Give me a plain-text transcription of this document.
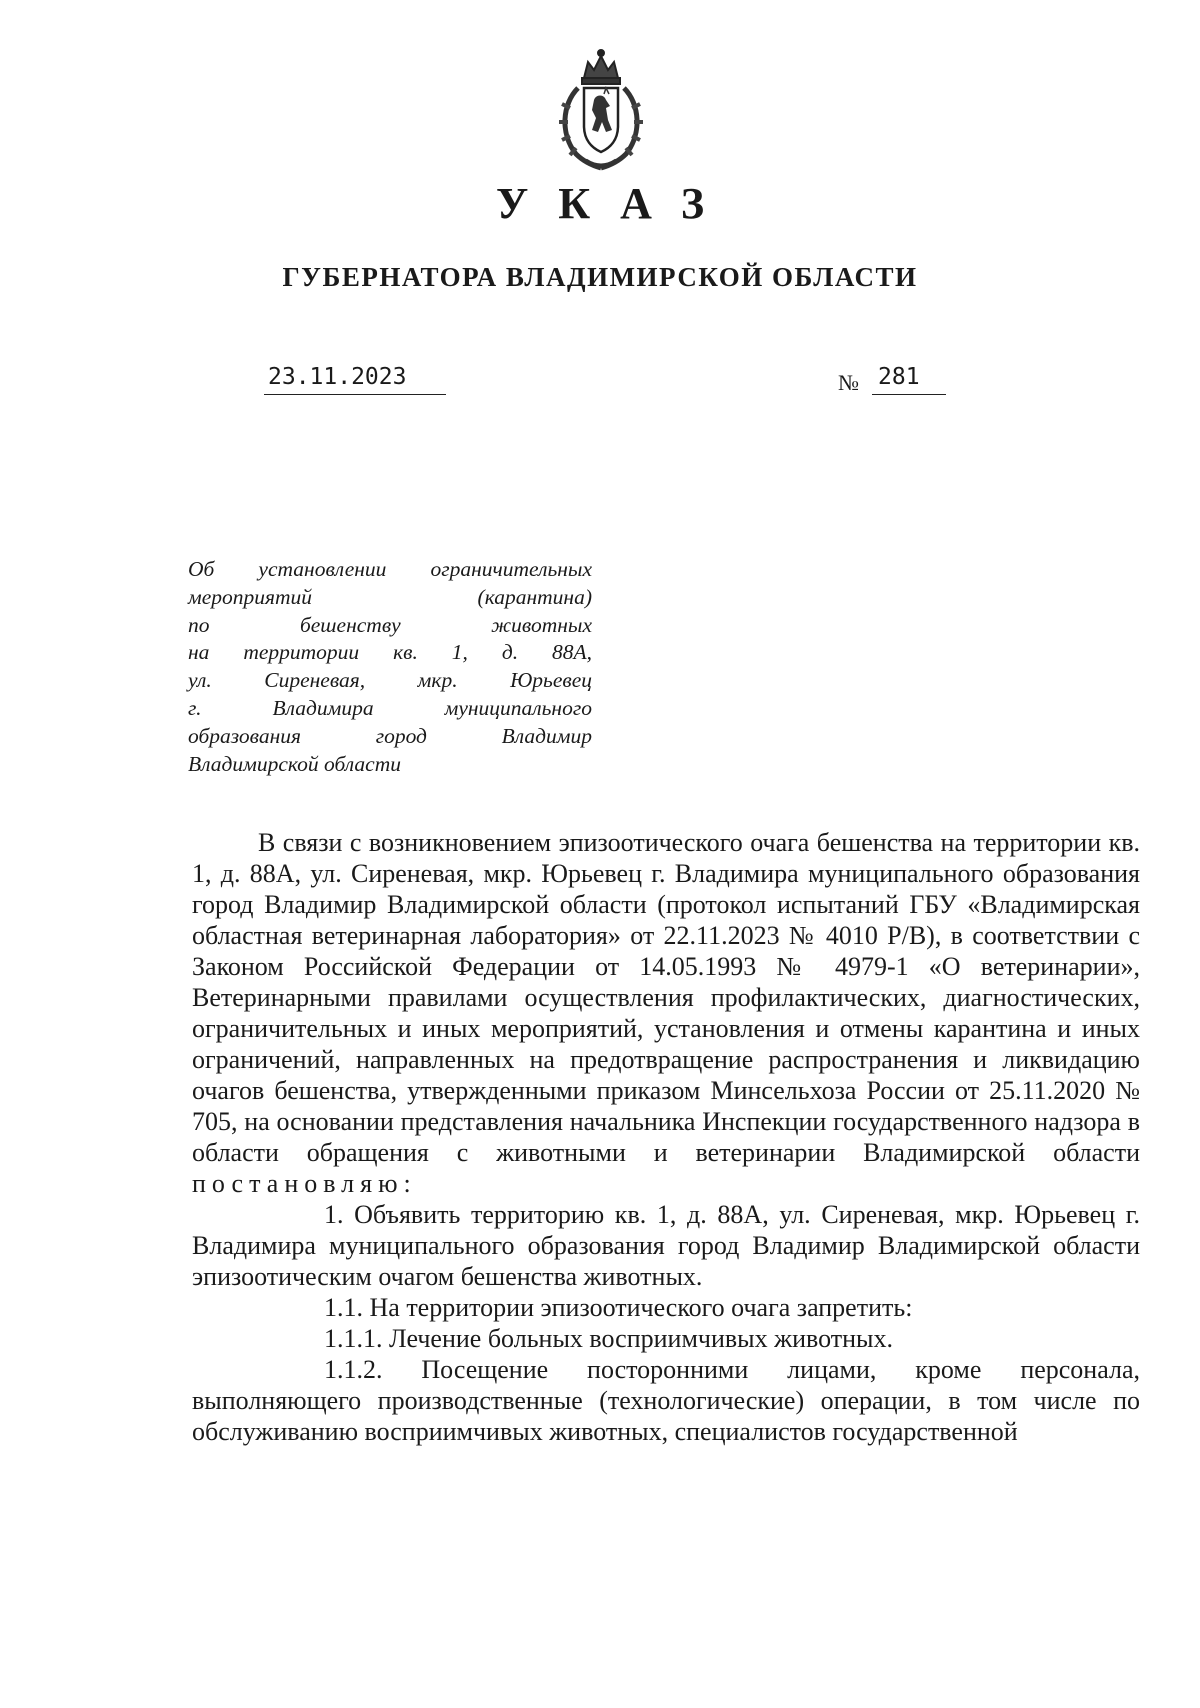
УКАЗ
ГУБЕРНАТОРА ВЛАДИМИРСКОЙ ОБЛАСТИ
23.11.2023	№ 281
Об установлении ограничительных
мероприятий (карантина)
по бешенству животных
на территории кв. 1, д. 88А,
ул. Сиреневая, мкр. Юрьевец
г. Владимира муниципального
образования город Владимир
Владимирской области

В связи с возникновением эпизоотического очага бешенства на территории кв. 1, д. 88А, ул. Сиреневая, мкр. Юрьевец г. Владимира муниципального образования город Владимир Владимирской области (протокол испытаний ГБУ «Владимирская областная ветеринарная лаборатория» от 22.11.2023 № 4010 Р/В), в соответствии с Законом Российской Федерации от 14.05.1993 № 4979-1 «О ветеринарии», Ветеринарными правилами осуществления профилактических, диагностических, ограничительных и иных мероприятий, установления и отмены карантина и иных ограничений, направленных на предотвращение распространения и ликвидацию очагов бешенства, утвержденными приказом Минсельхоза России от 25.11.2020 № 705, на основании представления начальника Инспекции государственного надзора в области обращения с животными и ветеринарии Владимирской области постановляю:

1. Объявить территорию кв. 1, д. 88А, ул. Сиреневая, мкр. Юрьевец г. Владимира муниципального образования город Владимир Владимирской области эпизоотическим очагом бешенства животных.

1.1. На территории эпизоотического очага запретить:

1.1.1. Лечение больных восприимчивых животных.

1.1.2. Посещение посторонними лицами, кроме персонала, выполняющего производственные (технологические) операции, в том числе по обслуживанию восприимчивых животных, специалистов государственной
